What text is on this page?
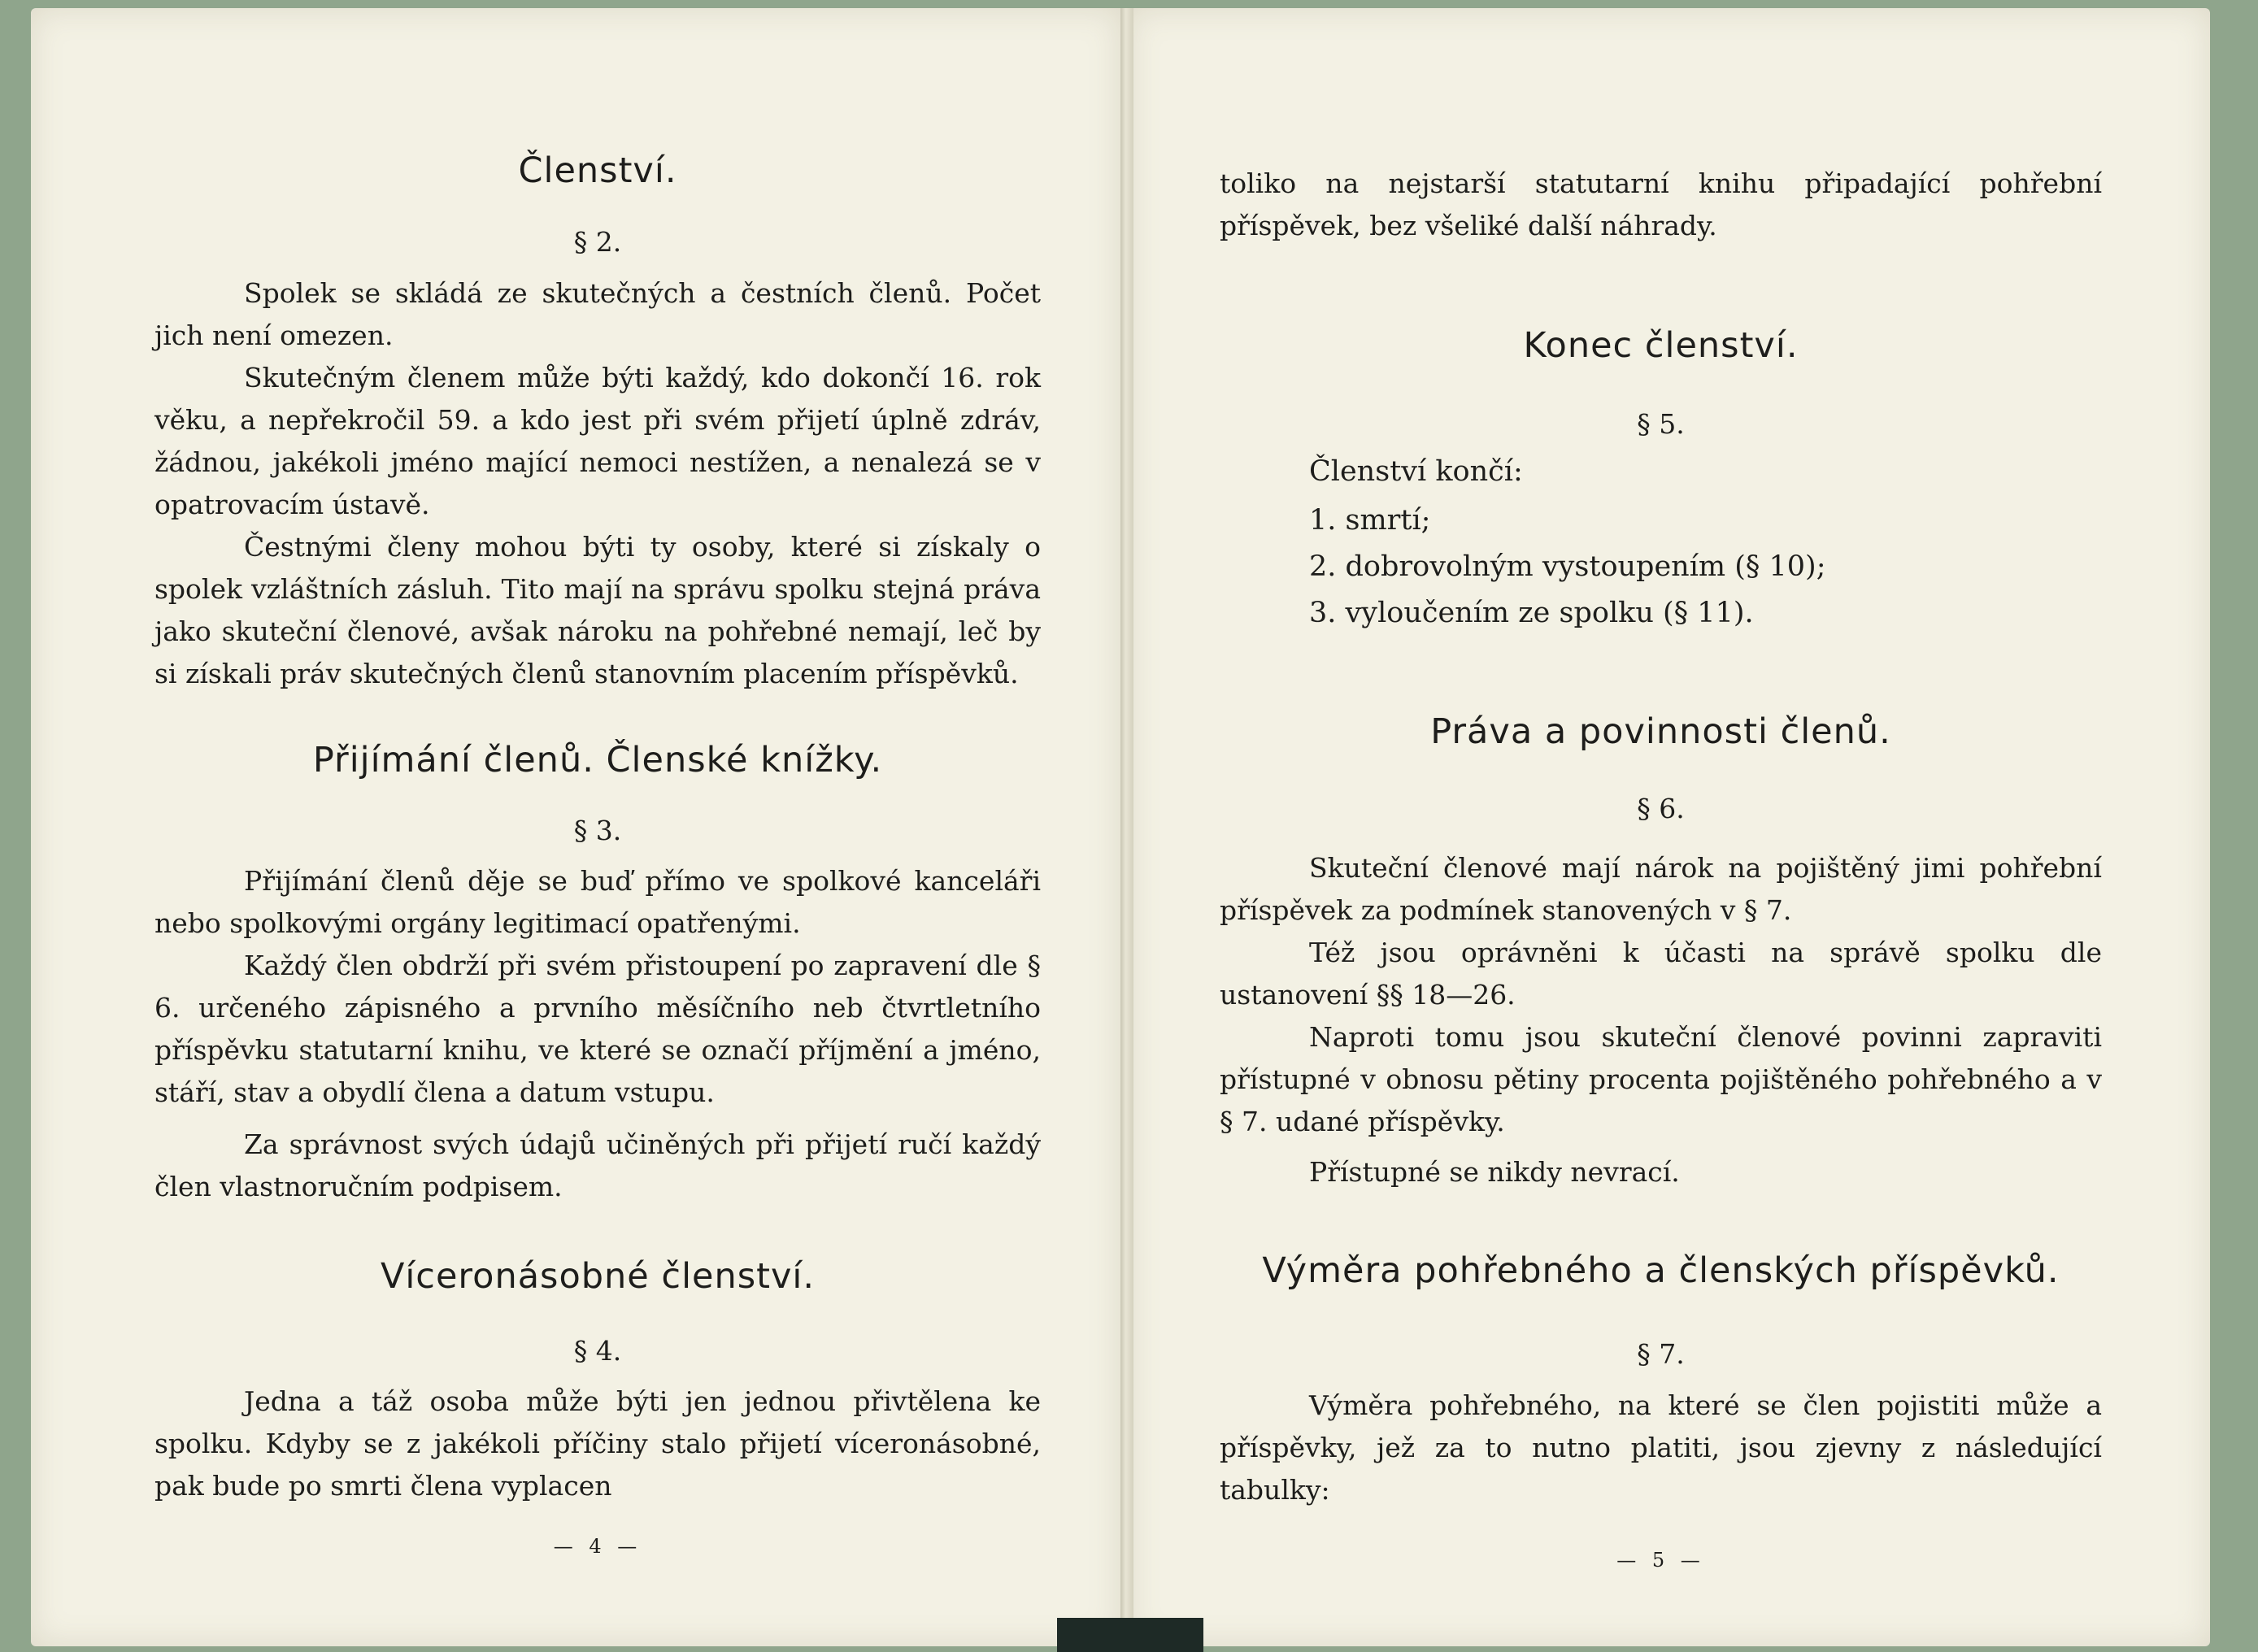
Členství.
§ 2.

Spolek se skládá ze skutečných a čestních členů. Počet jich není omezen.

Skutečným členem může býti každý, kdo dokončí 16. rok věku, a nepřekročil 59. a kdo jest při svém přijetí úplně zdráv, žádnou, jakékoli jméno mající nemoci nestížen, a nenalezá se v opatrovacím ústavě.

Čestnými členy mohou býti ty osoby, které si získaly o spolek vzláštních zásluh. Tito mají na správu spolku stejná práva jako skuteční členové, avšak nároku na pohřebné nemají, leč by si získali práv skutečných členů stanovním placením příspěvků.

Přijímání členů. Členské knížky.
§ 3.

Přijímání členů děje se buď přímo ve spolkové kanceláři nebo spolkovými orgány legitimací opatřenými.

Každý člen obdrží při svém přistoupení po zapravení dle § 6. určeného zápisného a prvního měsíčního neb čtvrtletního příspěvku statutarní knihu, ve které se označí příjmění a jméno, stáří, stav a obydlí člena a datum vstupu.

Za správnost svých údajů učiněných při přijetí ručí každý člen vlastnoručním podpisem.

Víceronásobné členství.
§ 4.

Jedna a táž osoba může býti jen jednou přivtělena ke spolku. Kdyby se z jakékoli příčiny stalo přijetí víceronásobné, pak bude po smrti člena vyplacen

— 4 —

toliko na nejstarší statutarní knihu připadající pohřební příspěvek, bez všeliké další náhrady.

Konec členství.
§ 5.
Členství končí:
1. smrtí;
2. dobrovolným vystoupením (§ 10);
3. vyloučením ze spolku (§ 11).
Práva a povinnosti členů.
§ 6.

Skuteční členové mají nárok na pojištěný jimi pohřební příspěvek za podmínek stanovených v § 7.

Též jsou oprávněni k účasti na správě spolku dle ustanovení §§ 18—26.

Naproti tomu jsou skuteční členové povinni zapraviti přístupné v obnosu pětiny procenta pojištěného pohřebného a v § 7. udané příspěvky.

Přístupné se nikdy nevrací.

Výměra pohřebného a členských příspěvků.
§ 7.

Výměra pohřebného, na které se člen pojistiti může a příspěvky, jež za to nutno platiti, jsou zjevny z následující tabulky:

— 5 —
